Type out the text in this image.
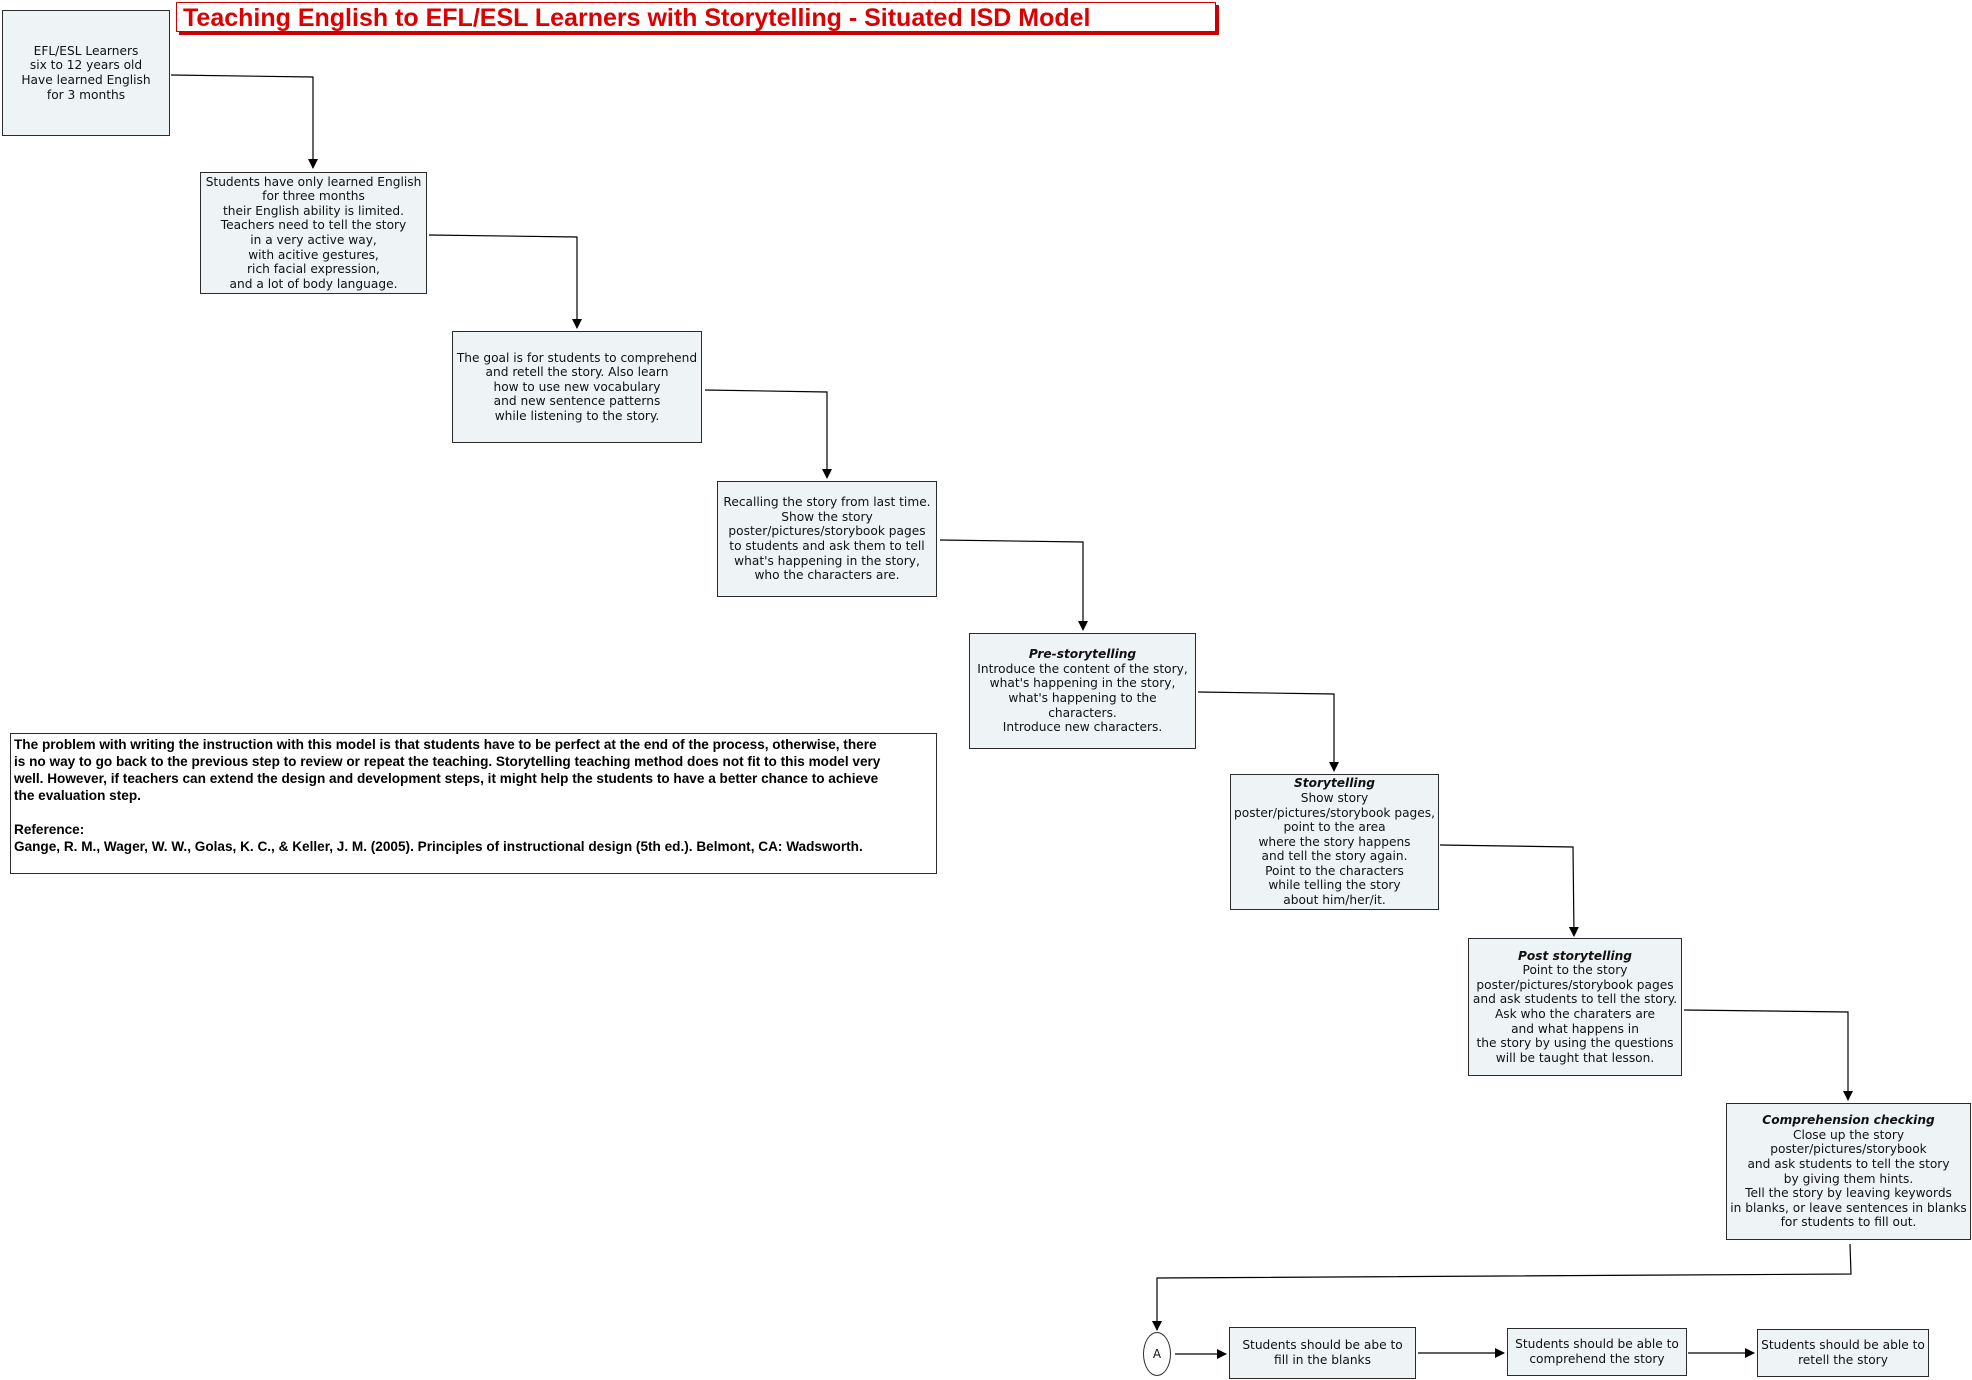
Teaching English to EFL/ESL Learners with Storytelling - Situated ISD Model
EFL/ESL Learners
six to 12 years old
Have learned English
for 3 months
Students have only learned English
for three months
their English ability is limited.
Teachers need to tell the story
in a very active way,
with acitive gestures,
rich facial expression,
and a lot of body language.
The goal is for students to comprehend
and retell the story. Also learn
how to use new vocabulary
and new sentence patterns
while listening to the story.
Recalling the story from last time.
Show the story
poster/pictures/storybook pages
to students and ask them to tell
what's happening in the story,
who the characters are.
Pre-storytelling
Introduce the content of the story,
what's happening in the story,
what's happening to the characters.
Introduce new characters.
Storytelling
Show story
poster/pictures/storybook pages,
point to the area
where the story happens
and tell the story again.
Point to the characters
while telling the story
about him/her/it.
Post storytelling
Point to the story
poster/pictures/storybook pages
and ask students to tell the story.
Ask who the charaters are
and what happens in
the story by using the questions
will be taught that lesson.
Comprehension checking
Close up the story
poster/pictures/storybook
and ask students to tell the story
by giving them hints.
Tell the story by leaving keywords
in blanks, or leave sentences in blanks
for students to fill out.
A
Students should be abe to
fill in the blanks
Students should be able to
comprehend the story
Students should be able to
retell the story

The problem with writing the instruction with this model is that students have to be perfect at the end of the process, otherwise, there

is no way to go back to the previous step to review or repeat the teaching. Storytelling teaching method does not fit to this model very

well. However, if teachers can extend the design and development steps, it might help the students to have a better chance to achieve

the evaluation step.

Reference:

Gange, R. M., Wager, W. W., Golas, K. C., & Keller, J. M. (2005). Principles of instructional design (5th ed.). Belmont, CA: Wadsworth.
